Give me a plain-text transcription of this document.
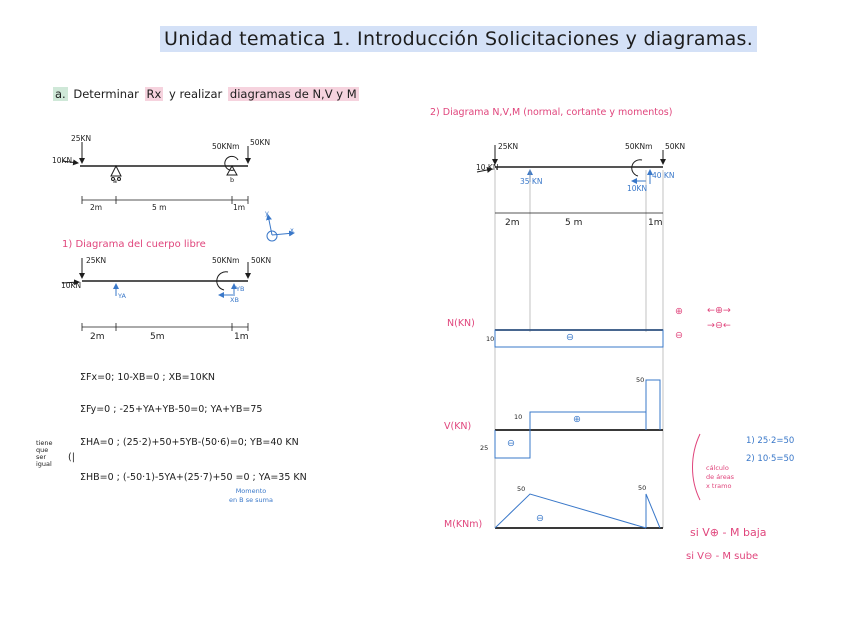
Unidad tematica 1. Introducción Solicitaciones y diagramas.
a. Determinar Rx y realizar diagramas de N,V y M
25KN
10KN
50KNm 50KN
a	b
2m	5 m	1m
y
x
1) Diagrama del cuerpo libre
25KN
10KN
50KNm 50KN
YA
YB
XB
2m	5m	1m
ΣFx=0; 10-XB=0 ; XB=10KN
ΣFy=0 ; -25+YA+YB-50=0; YA+YB=75
ΣHA=0 ; (25·2)+50+5YB-(50·6)=0; YB=40 KN
ΣHB=0 ; (-50·1)-5YA+(25·7)+50 =0 ; YA=35 KN
tiene
que
ser
igual
(|
Momento
en B se suma
2) Diagrama N,V,M (normal, cortante y momentos)
25KN
10 KN
50KNm 50KN
35 KN
40 KN
10KN
2m	5 m	1m
N(KN)
10	⊖
V(KN)
10
25
50
⊕
⊖
M(KNm)
50	50
⊖
⊕
⊖
←⊕→
→⊖←
1) 25·2=50
2) 10·5=50
cálculo
de áreas
x tramo
si V⊕ - M baja
si V⊖ - M sube
